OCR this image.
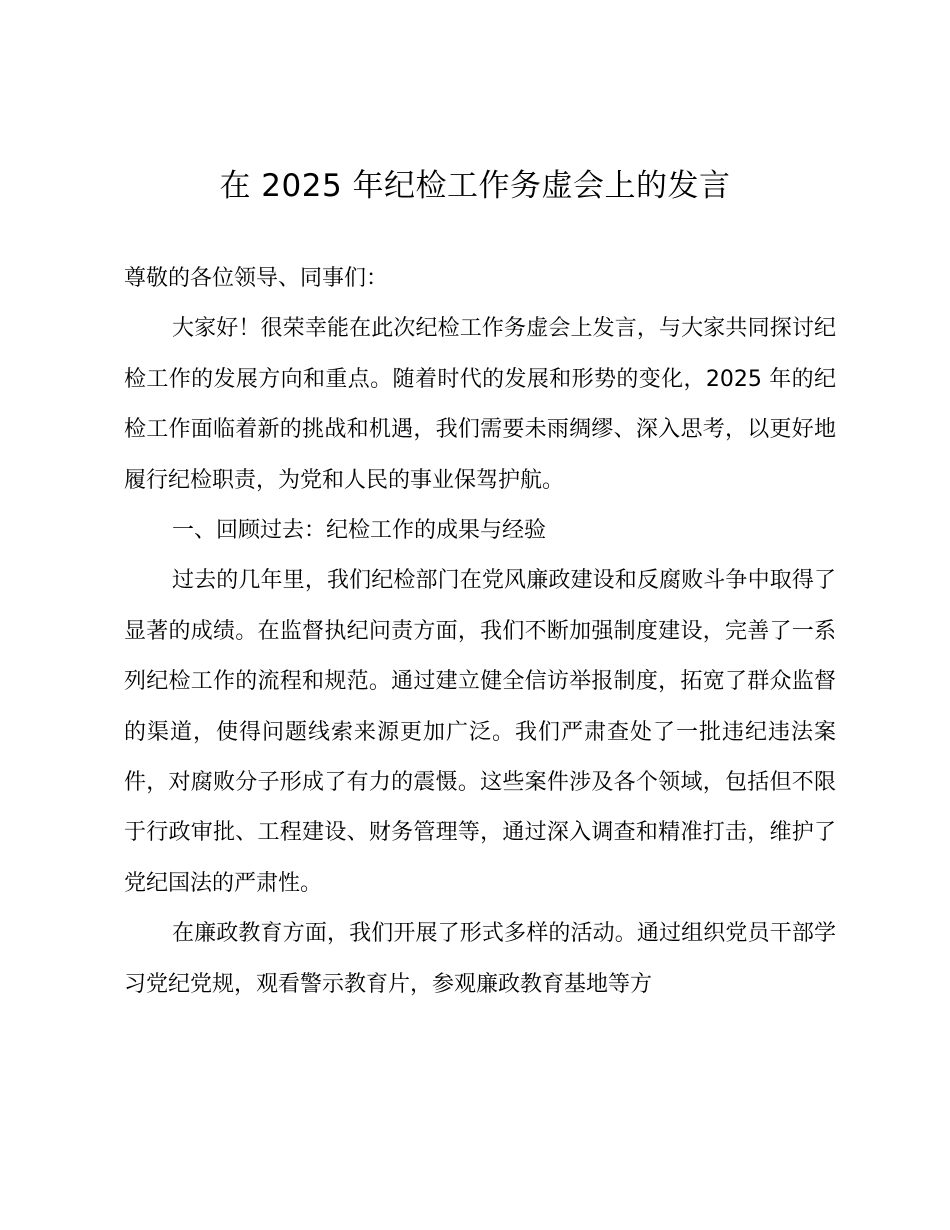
在 2025 年纪检工作务虚会上的发言

尊敬的各位领导、同事们：

大家好！很荣幸能在此次纪检工作务虚会上发言，与大家共同探讨纪检工作的发展方向和重点。随着时代的发展和形势的变化，2025 年的纪检工作面临着新的挑战和机遇，我们需要未雨绸缪、深入思考，以更好地履行纪检职责，为党和人民的事业保驾护航。

一、回顾过去：纪检工作的成果与经验

过去的几年里，我们纪检部门在党风廉政建设和反腐败斗争中取得了显著的成绩。在监督执纪问责方面，我们不断加强制度建设，完善了一系列纪检工作的流程和规范。通过建立健全信访举报制度，拓宽了群众监督的渠道，使得问题线索来源更加广泛。我们严肃查处了一批违纪违法案件，对腐败分子形成了有力的震慑。这些案件涉及各个领域，包括但不限于行政审批、工程建设、财务管理等，通过深入调查和精准打击，维护了党纪国法的严肃性。

在廉政教育方面，我们开展了形式多样的活动。通过组织党员干部学习党纪党规，观看警示教育片，参观廉政教育基地等方
